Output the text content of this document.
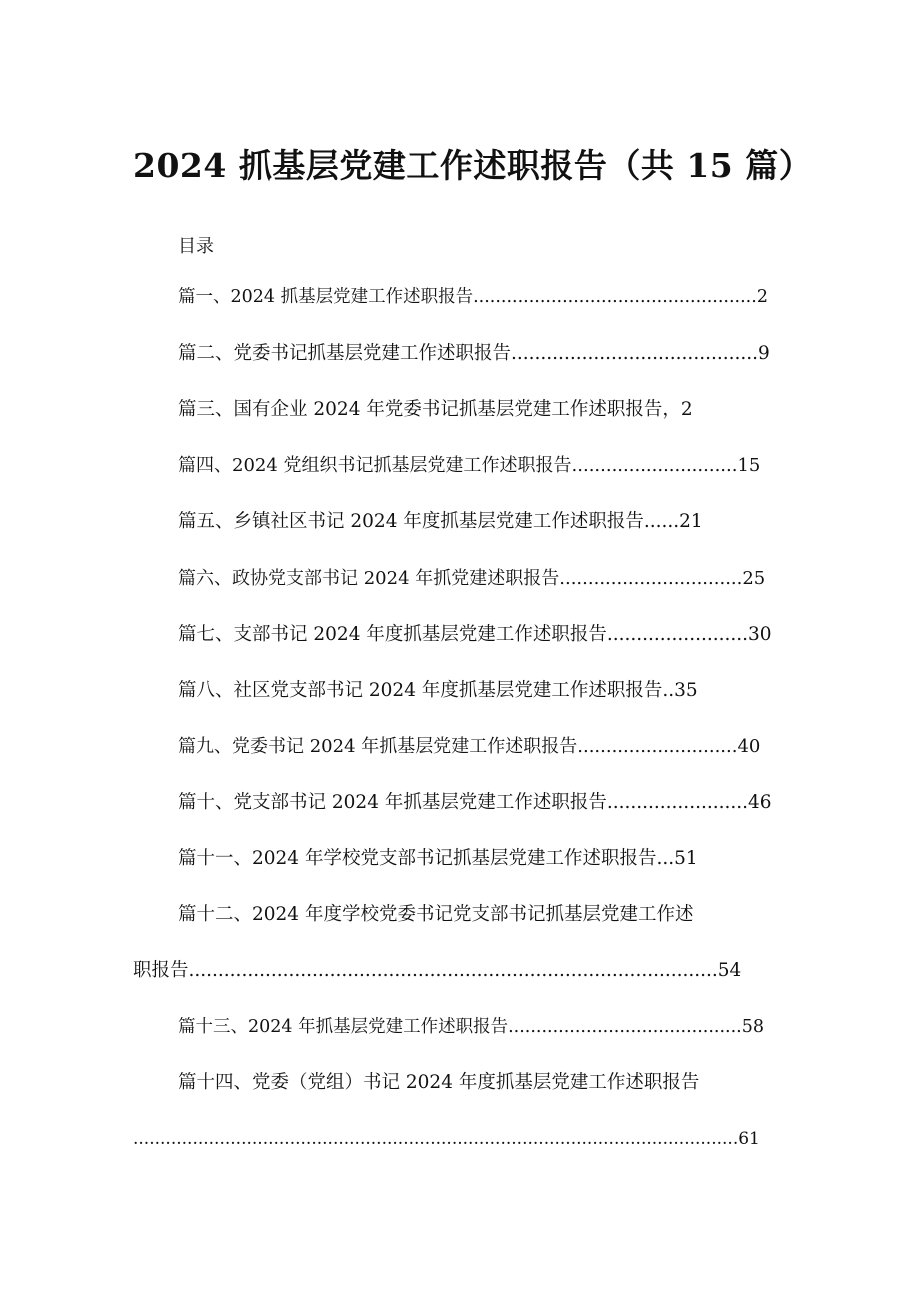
2024 抓基层党建工作述职报告（共 15 篇）
目录
篇一、2024 抓基层党建工作述职报告...................................................2
篇二、党委书记抓基层党建工作述职报告..........................................9
篇三、国有企业 2024 年党委书记抓基层党建工作述职报告，2
篇四、2024 党组织书记抓基层党建工作述职报告.............................15
篇五、乡镇社区书记 2024 年度抓基层党建工作述职报告......21
篇六、政协党支部书记 2024 年抓党建述职报告................................25
篇七、支部书记 2024 年度抓基层党建工作述职报告........................30
篇八、社区党支部书记 2024 年度抓基层党建工作述职报告..35
篇九、党委书记 2024 年抓基层党建工作述职报告............................40
篇十、党支部书记 2024 年抓基层党建工作述职报告........................46
篇十一、2024 年学校党支部书记抓基层党建工作述职报告...51
篇十二、2024 年度学校党委书记党支部书记抓基层党建工作述
职报告..........................................................................................54
篇十三、2024 年抓基层党建工作述职报告..........................................58
篇十四、党委（党组）书记 2024 年度抓基层党建工作述职报告
................................................................................................................61
